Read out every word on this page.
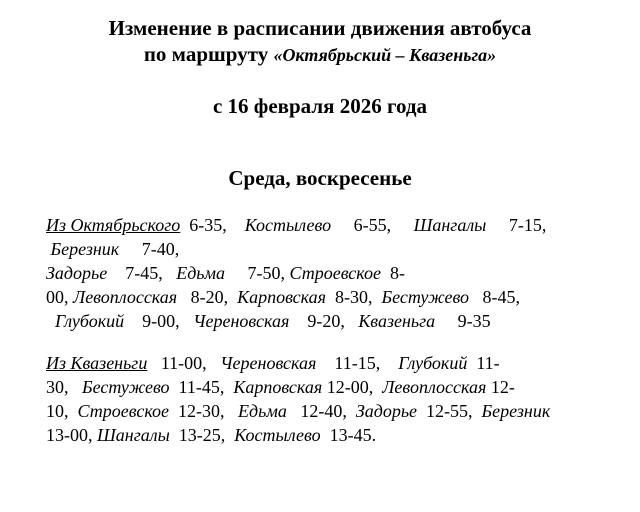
Изменение в расписании движения автобуса
по маршруту «Октябрьский – Квазеньга»
с 16 февраля 2026 года
Среда, воскресенье
Из Октябрьского 6-35,    Костылево 6-55,     Шангалы 7-15,
Березник 7-40,
Задорье 7-45,   Едьма 7-50, Строевское 8-
00, Левоплосская 8-20,  Карповская 8-30,  Бестужево 8-45,
Глубокий 9-00,   Череновская 9-20,   Квазеньга 9-35
Из Квазеньги 11-00,   Череновская 11-15,    Глубокий 11-
30,   Бестужево 11-45,  Карповская 12-00,  Левоплосская 12-
10,  Строевское 12-30,   Едьма 12-40,  Задорье 12-55,  Березник
13-00, Шангалы 13-25,  Костылево 13-45.
